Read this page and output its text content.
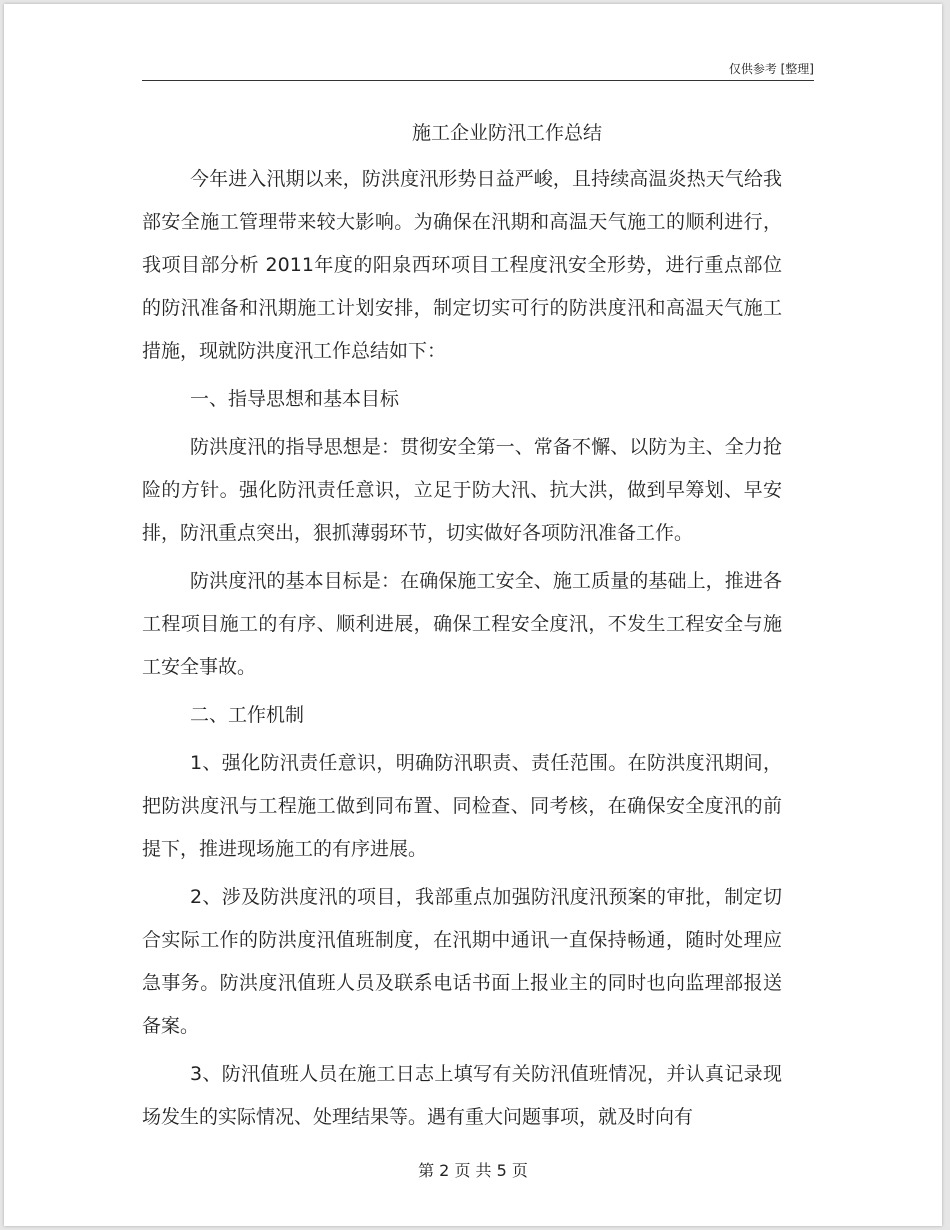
仅供参考 [整理]
施工企业防汛工作总结

今年进入汛期以来，防洪度汛形势日益严峻，且持续高温炎热天气给我部安全施工管理带来较大影响。为确保在汛期和高温天气施工的顺利进行，我项目部分析 2011年度的阳泉西环项目工程度汛安全形势，进行重点部位的防汛准备和汛期施工计划安排，制定切实可行的防洪度汛和高温天气施工措施，现就防洪度汛工作总结如下：

一、指导思想和基本目标

防洪度汛的指导思想是：贯彻安全第一、常备不懈、以防为主、全力抢险的方针。强化防汛责任意识，立足于防大汛、抗大洪，做到早筹划、早安排，防汛重点突出，狠抓薄弱环节，切实做好各项防汛准备工作。

防洪度汛的基本目标是：在确保施工安全、施工质量的基础上，推进各工程项目施工的有序、顺利进展，确保工程安全度汛，不发生工程安全与施工安全事故。

二、工作机制

1、强化防汛责任意识，明确防汛职责、责任范围。在防洪度汛期间，把防洪度汛与工程施工做到同布置、同检查、同考核，在确保安全度汛的前提下，推进现场施工的有序进展。

2、涉及防洪度汛的项目，我部重点加强防汛度汛预案的审批，制定切合实际工作的防洪度汛值班制度，在汛期中通讯一直保持畅通，随时处理应急事务。防洪度汛值班人员及联系电话书面上报业主的同时也向监理部报送备案。

3、防汛值班人员在施工日志上填写有关防汛值班情况，并认真记录现场发生的实际情况、处理结果等。遇有重大问题事项，就及时向有

第 2 页 共 5 页
